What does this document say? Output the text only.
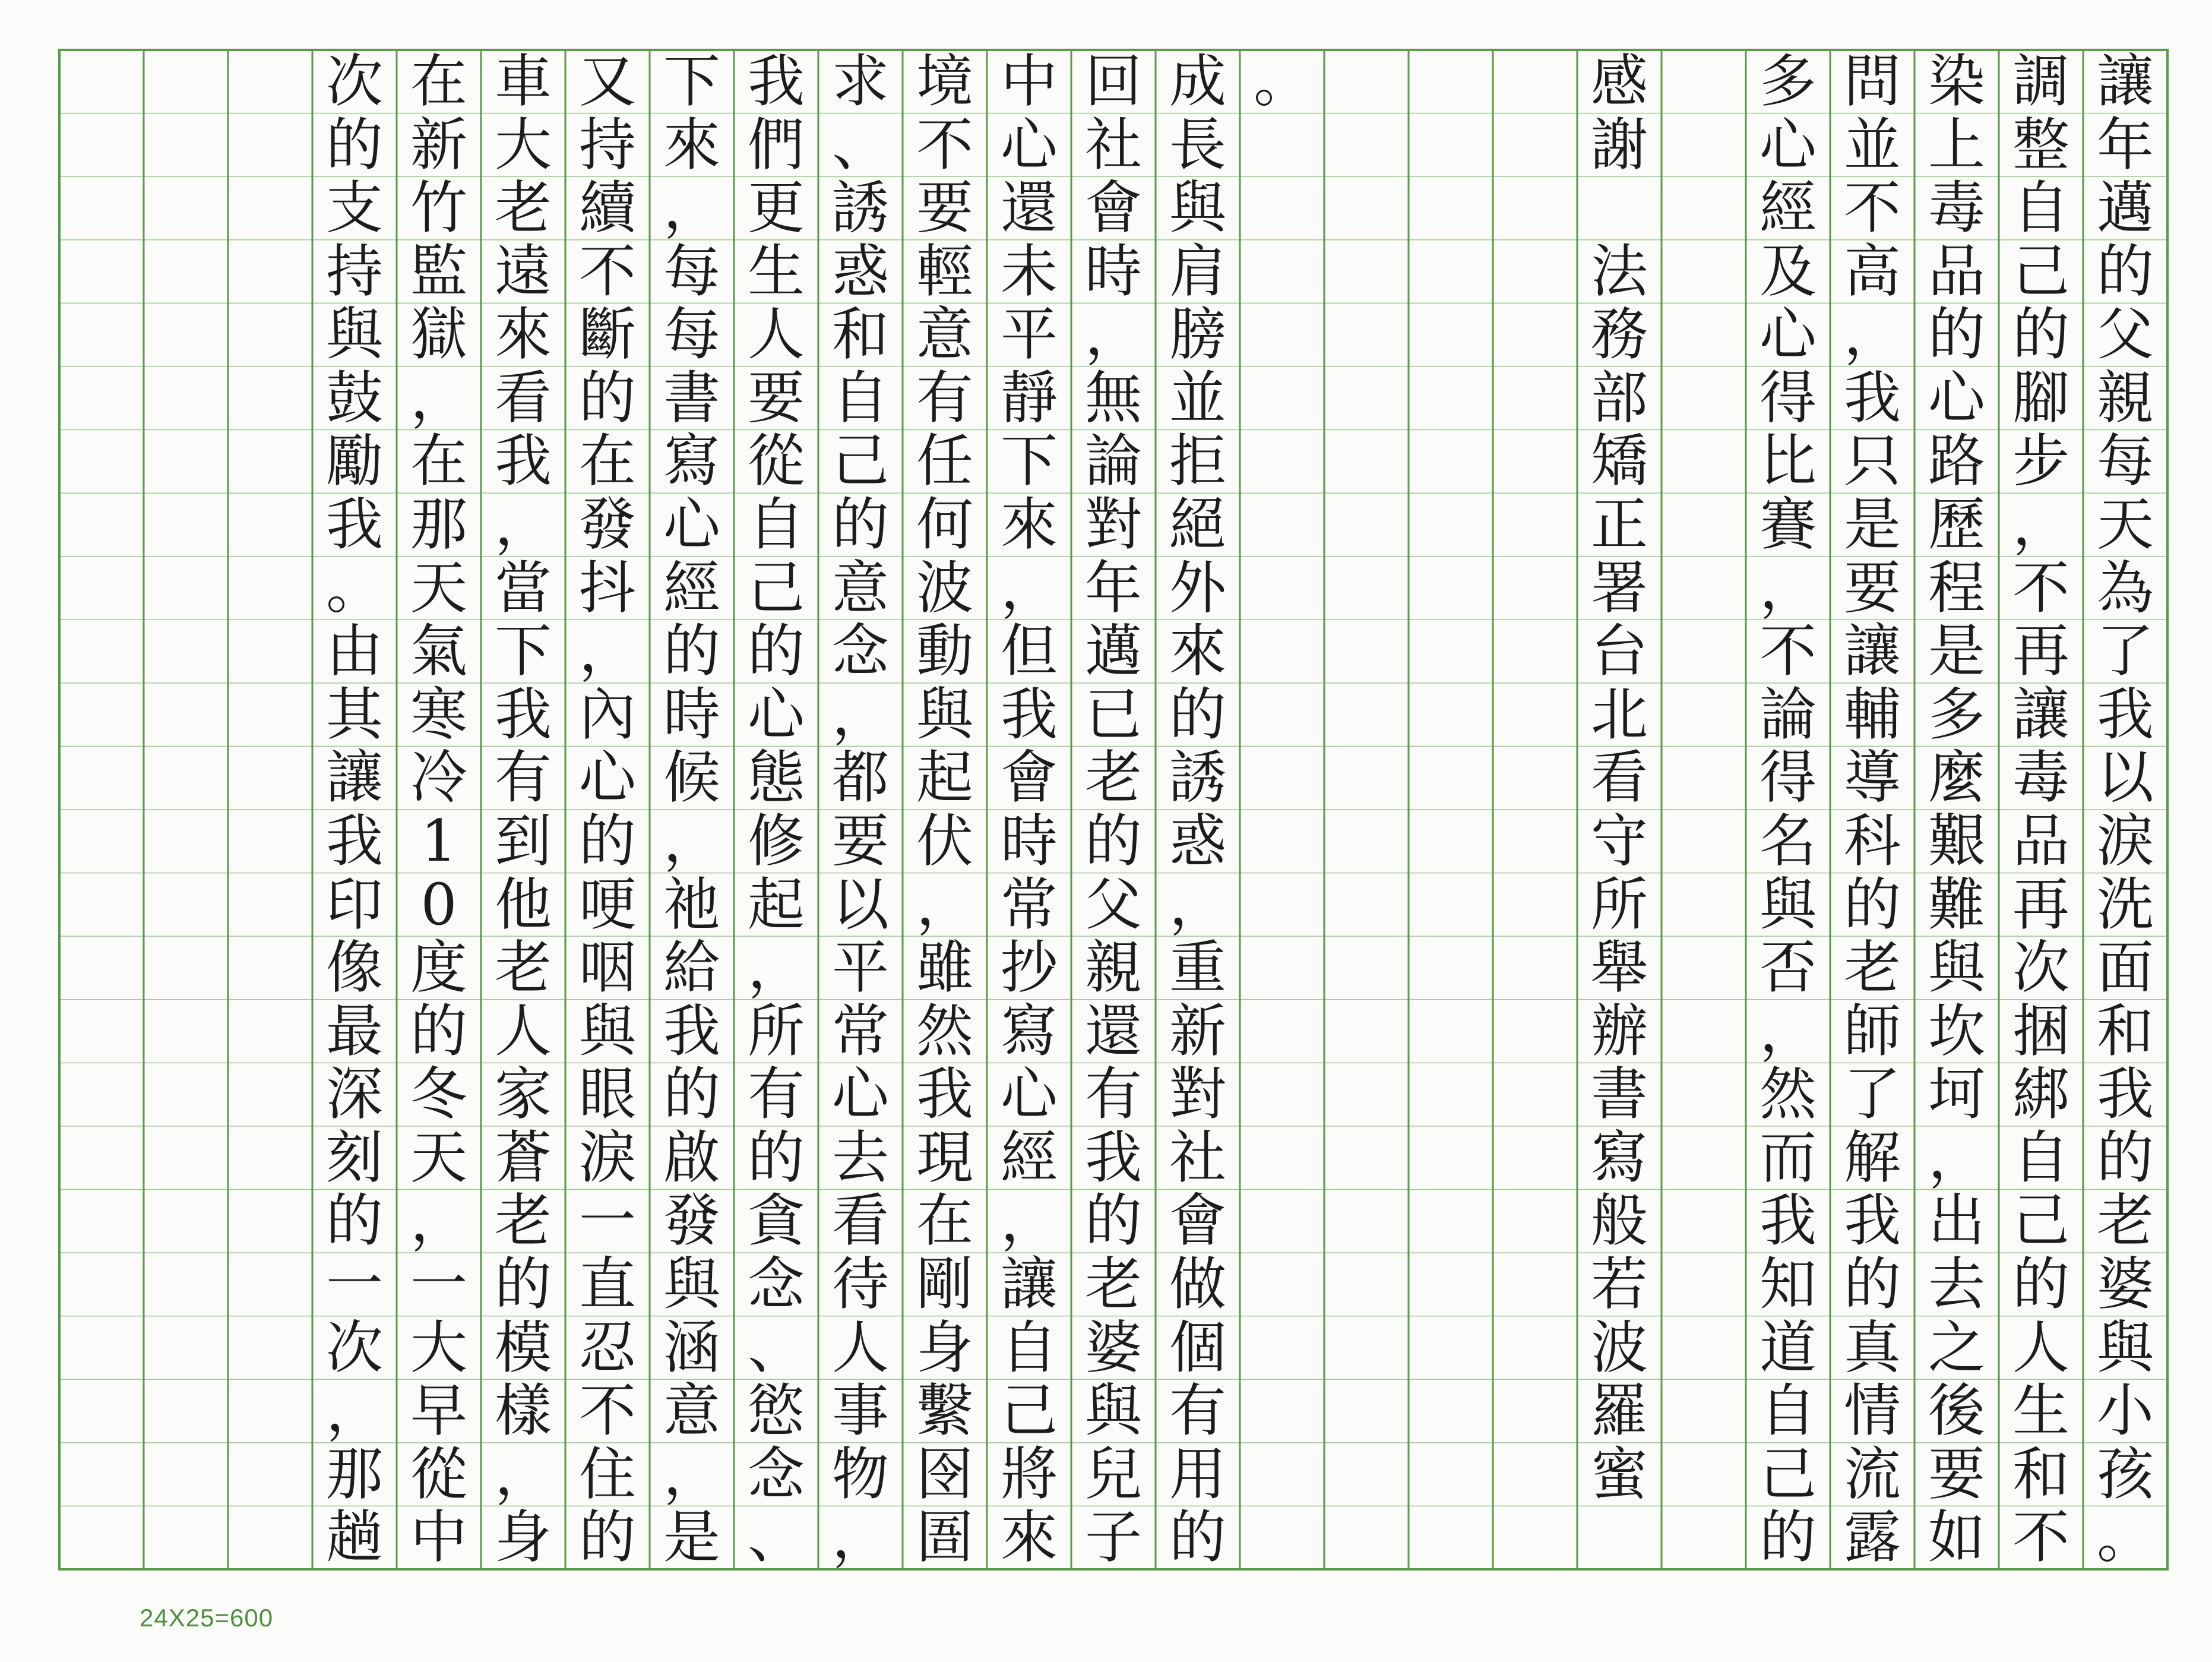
讓
年
邁
的
父
親
每
天
為
了
我
以
淚
洗
面
和
我
的
老
婆
與
小
孩
。
調
整
自
己
的
腳
步
，
不
再
讓
毒
品
再
次
捆
綁
自
己
的
人
生
和
不
染
上
毒
品
的
心
路
歷
程
是
多
麼
艱
難
與
坎
坷
，
出
去
之
後
要
如
問
並
不
高
，
我
只
是
要
讓
輔
導
科
的
老
師
了
解
我
的
真
情
流
露
多
心
經
及
心
得
比
賽
，
不
論
得
名
與
否
，
然
而
我
知
道
自
己
的
感
謝

法
務
部
矯
正
署
台
北
看
守
所
舉
辦
書
寫
般
若
波
羅
蜜
。
成
長
與
肩
膀
並
拒
絕
外
來
的
誘
惑
，
重
新
對
社
會
做
個
有
用
的
回
社
會
時
，
無
論
對
年
邁
已
老
的
父
親
還
有
我
的
老
婆
與
兒
子
中
心
還
未
平
靜
下
來
，
但
我
會
時
常
抄
寫
心
經
，
讓
自
己
將
來
境
不
要
輕
意
有
任
何
波
動
與
起
伏
，
雖
然
我
現
在
剛
身
繫
囹
圄
求
、
誘
惑
和
自
己
的
意
念
，
都
要
以
平
常
心
去
看
待
人
事
物
，
我
們
更
生
人
要
從
自
己
的
心
態
修
起
，
所
有
的
貪
念
、
慾
念
、
下
來
，
每
每
書
寫
心
經
的
時
候
，
祂
給
我
的
啟
發
與
涵
意
，
是
又
持
續
不
斷
的
在
發
抖
，
內
心
的
哽
咽
與
眼
淚
一
直
忍
不
住
的
車
大
老
遠
來
看
我
，
當
下
我
有
到
他
老
人
家
蒼
老
的
模
樣
，
身
在
新
竹
監
獄
，
在
那
天
氣
寒
冷
1
0
度
的
冬
天
，
一
大
早
從
中
次
的
支
持
與
鼓
勵
我
。
由
其
讓
我
印
像
最
深
刻
的
一
次
，
那
趟
24X25=600
